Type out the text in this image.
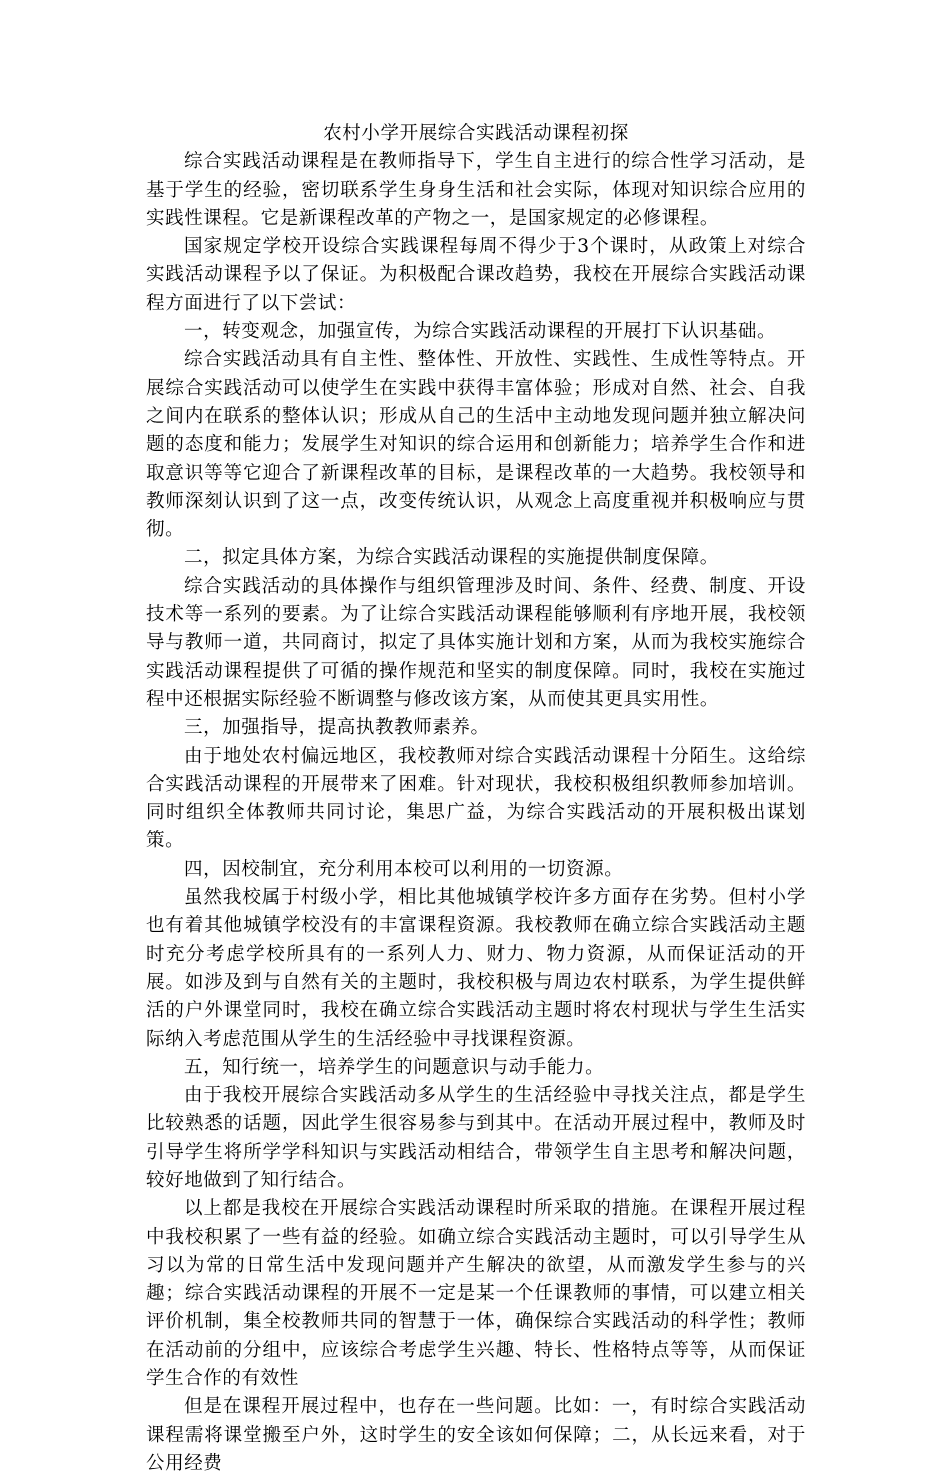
农村小学开展综合实践活动课程初探

综合实践活动课程是在教师指导下，学生自主进行的综合性学习活动，是基于学生的经验，密切联系学生身身生活和社会实际，体现对知识综合应用的实践性课程。它是新课程改革的产物之一，是国家规定的必修课程。

国家规定学校开设综合实践课程每周不得少于3个课时，从政策上对综合实践活动课程予以了保证。为积极配合课改趋势，我校在开展综合实践活动课程方面进行了以下尝试：

一，转变观念，加强宣传，为综合实践活动课程的开展打下认识基础。

综合实践活动具有自主性、整体性、开放性、实践性、生成性等特点。开展综合实践活动可以使学生在实践中获得丰富体验；形成对自然、社会、自我之间内在联系的整体认识；形成从自己的生活中主动地发现问题并独立解决问题的态度和能力；发展学生对知识的综合运用和创新能力；培养学生合作和进取意识等等它迎合了新课程改革的目标，是课程改革的一大趋势。我校领导和教师深刻认识到了这一点，改变传统认识，从观念上高度重视并积极响应与贯彻。

二，拟定具体方案，为综合实践活动课程的实施提供制度保障。

综合实践活动的具体操作与组织管理涉及时间、条件、经费、制度、开设技术等一系列的要素。为了让综合实践活动课程能够顺利有序地开展，我校领导与教师一道，共同商讨，拟定了具体实施计划和方案，从而为我校实施综合实践活动课程提供了可循的操作规范和坚实的制度保障。同时，我校在实施过程中还根据实际经验不断调整与修改该方案，从而使其更具实用性。

三，加强指导，提高执教教师素养。

由于地处农村偏远地区，我校教师对综合实践活动课程十分陌生。这给综合实践活动课程的开展带来了困难。针对现状，我校积极组织教师参加培训。同时组织全体教师共同讨论，集思广益，为综合实践活动的开展积极出谋划策。

四，因校制宜，充分利用本校可以利用的一切资源。

虽然我校属于村级小学，相比其他城镇学校许多方面存在劣势。但村小学也有着其他城镇学校没有的丰富课程资源。我校教师在确立综合实践活动主题时充分考虑学校所具有的一系列人力、财力、物力资源，从而保证活动的开展。如涉及到与自然有关的主题时，我校积极与周边农村联系，为学生提供鲜活的户外课堂同时，我校在确立综合实践活动主题时将农村现状与学生生活实际纳入考虑范围从学生的生活经验中寻找课程资源。

五，知行统一，培养学生的问题意识与动手能力。

由于我校开展综合实践活动多从学生的生活经验中寻找关注点，都是学生比较熟悉的话题，因此学生很容易参与到其中。在活动开展过程中，教师及时引导学生将所学学科知识与实践活动相结合，带领学生自主思考和解决问题，较好地做到了知行结合。

以上都是我校在开展综合实践活动课程时所采取的措施。在课程开展过程中我校积累了一些有益的经验。如确立综合实践活动主题时，可以引导学生从习以为常的日常生活中发现问题并产生解决的欲望，从而激发学生参与的兴趣；综合实践活动课程的开展不一定是某一个任课教师的事情，可以建立相关评价机制，集全校教师共同的智慧于一体，确保综合实践活动的科学性；教师在活动前的分组中，应该综合考虑学生兴趣、特长、性格特点等等，从而保证学生合作的有效性

但是在课程开展过程中，也存在一些问题。比如：一，有时综合实践活动课程需将课堂搬至户外，这时学生的安全该如何保障；二，从长远来看，对于公用经费
